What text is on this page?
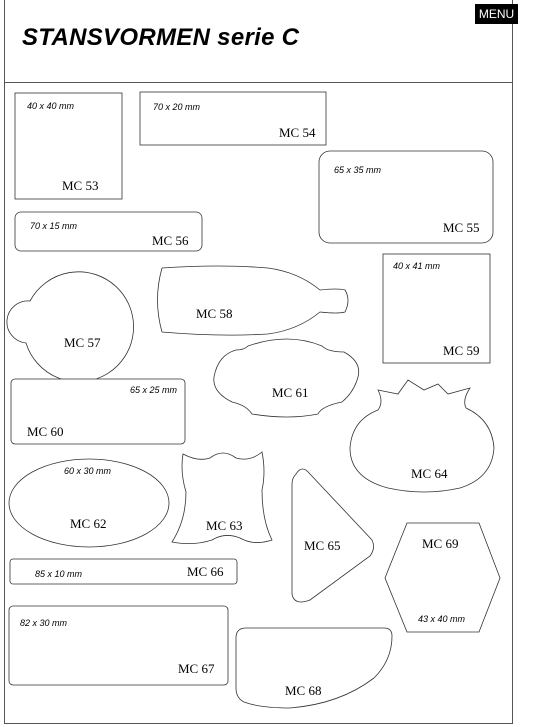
STANSVORMEN serie C
MENU
40 x 40 mm
MC 53
70 x 20 mm
MC 54
65 x 35 mm
MC 55
70 x 15 mm
MC 56
MC 57
MC 58
40 x 41 mm
MC 59
65 x 25 mm
MC 60
MC 61
60 x 30 mm
MC 62	MC 63
MC 64
MC 65
85 x 10 mm	MC 66
82 x 30 mm
MC 67
MC 68
MC 69
43 x 40 mm
